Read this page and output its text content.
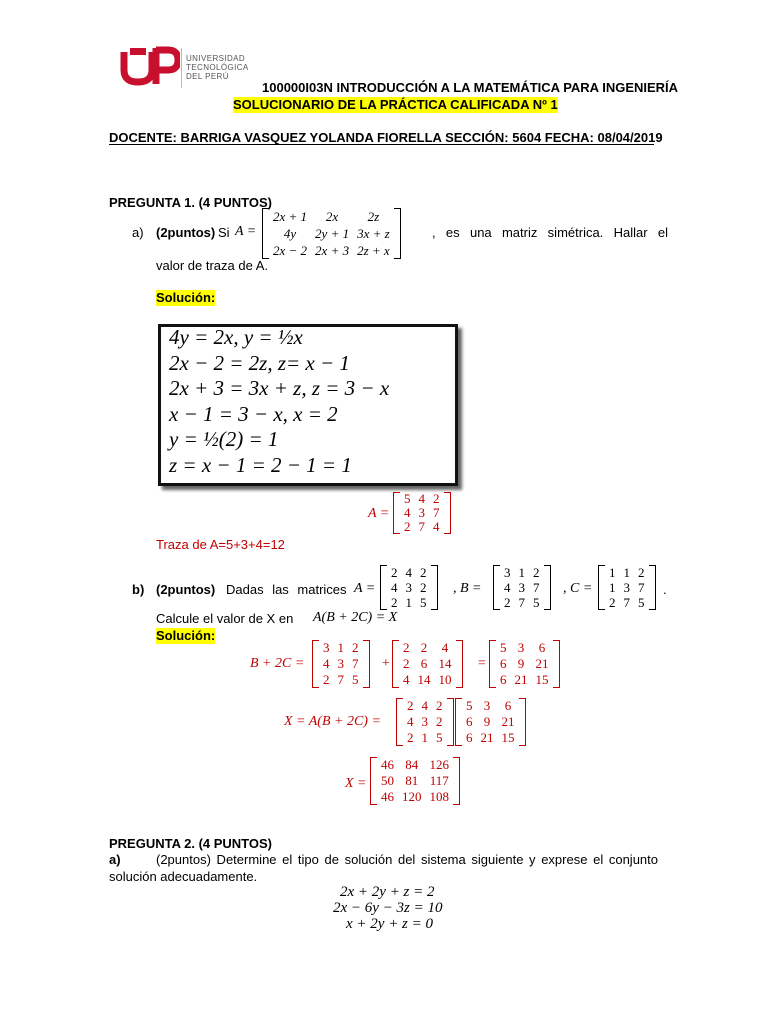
UNIVERSIDAD
TECNOLÓGICA
DEL PERÚ
100000I03N INTRODUCCIÓN A LA MATEMÁTICA PARA INGENIERÍA
SOLUCIONARIO DE LA PRÁCTICA CALIFICADA Nº 1
DOCENTE: BARRIGA VASQUEZ YOLANDA FIORELLA SECCIÓN: 5604 FECHA: 08/04/2019
PREGUNTA 1. (4 PUNTOS)
a) (2puntos) Si A =
2x + 1	2x	2z
4y	2y + 1	3x + z
2x − 2	2x + 3	2z + x
, es una matriz simétrica. Hallar el
valor de traza de A.
Solución:
4y = 2x, y = ½x
2x − 2 = 2z, z= x − 1
2x + 3 = 3x + z, z = 3 − x
x − 1 = 3 − x, x = 2
y = ½(2) = 1
z = x − 1 = 2 − 1 = 1
A =
5	4	2
4	3	7
2	7	4
Traza de A=5+3+4=12
b) (2puntos) Dadas las matrices A =
2	4	2
4	3	2
2	1	5
, B =
3	1	2
4	3	7
2	7	5
, C =
1	1	2
1	3	7
2	7	5
.
Calcule el valor de X en A(B + 2C) = X
Solución:
B + 2C =
3	1	2
4	3	7
2	7	5
+
2	2	4
2	6	14
4	14	10
=
5	3	6
6	9	21
6	21	15
X = A(B + 2C) =
2	4	2
4	3	2
2	1	5
5	3	6
6	9	21
6	21	15
X =
46	84	126
50	81	117
46	120	108
PREGUNTA 2. (4 PUNTOS)
a)	(2puntos) Determine el tipo de solución del sistema siguiente y exprese el conjunto
solución adecuadamente.
2x + 2y + z = 2
2x − 6y − 3z = 10
x + 2y + z = 0
